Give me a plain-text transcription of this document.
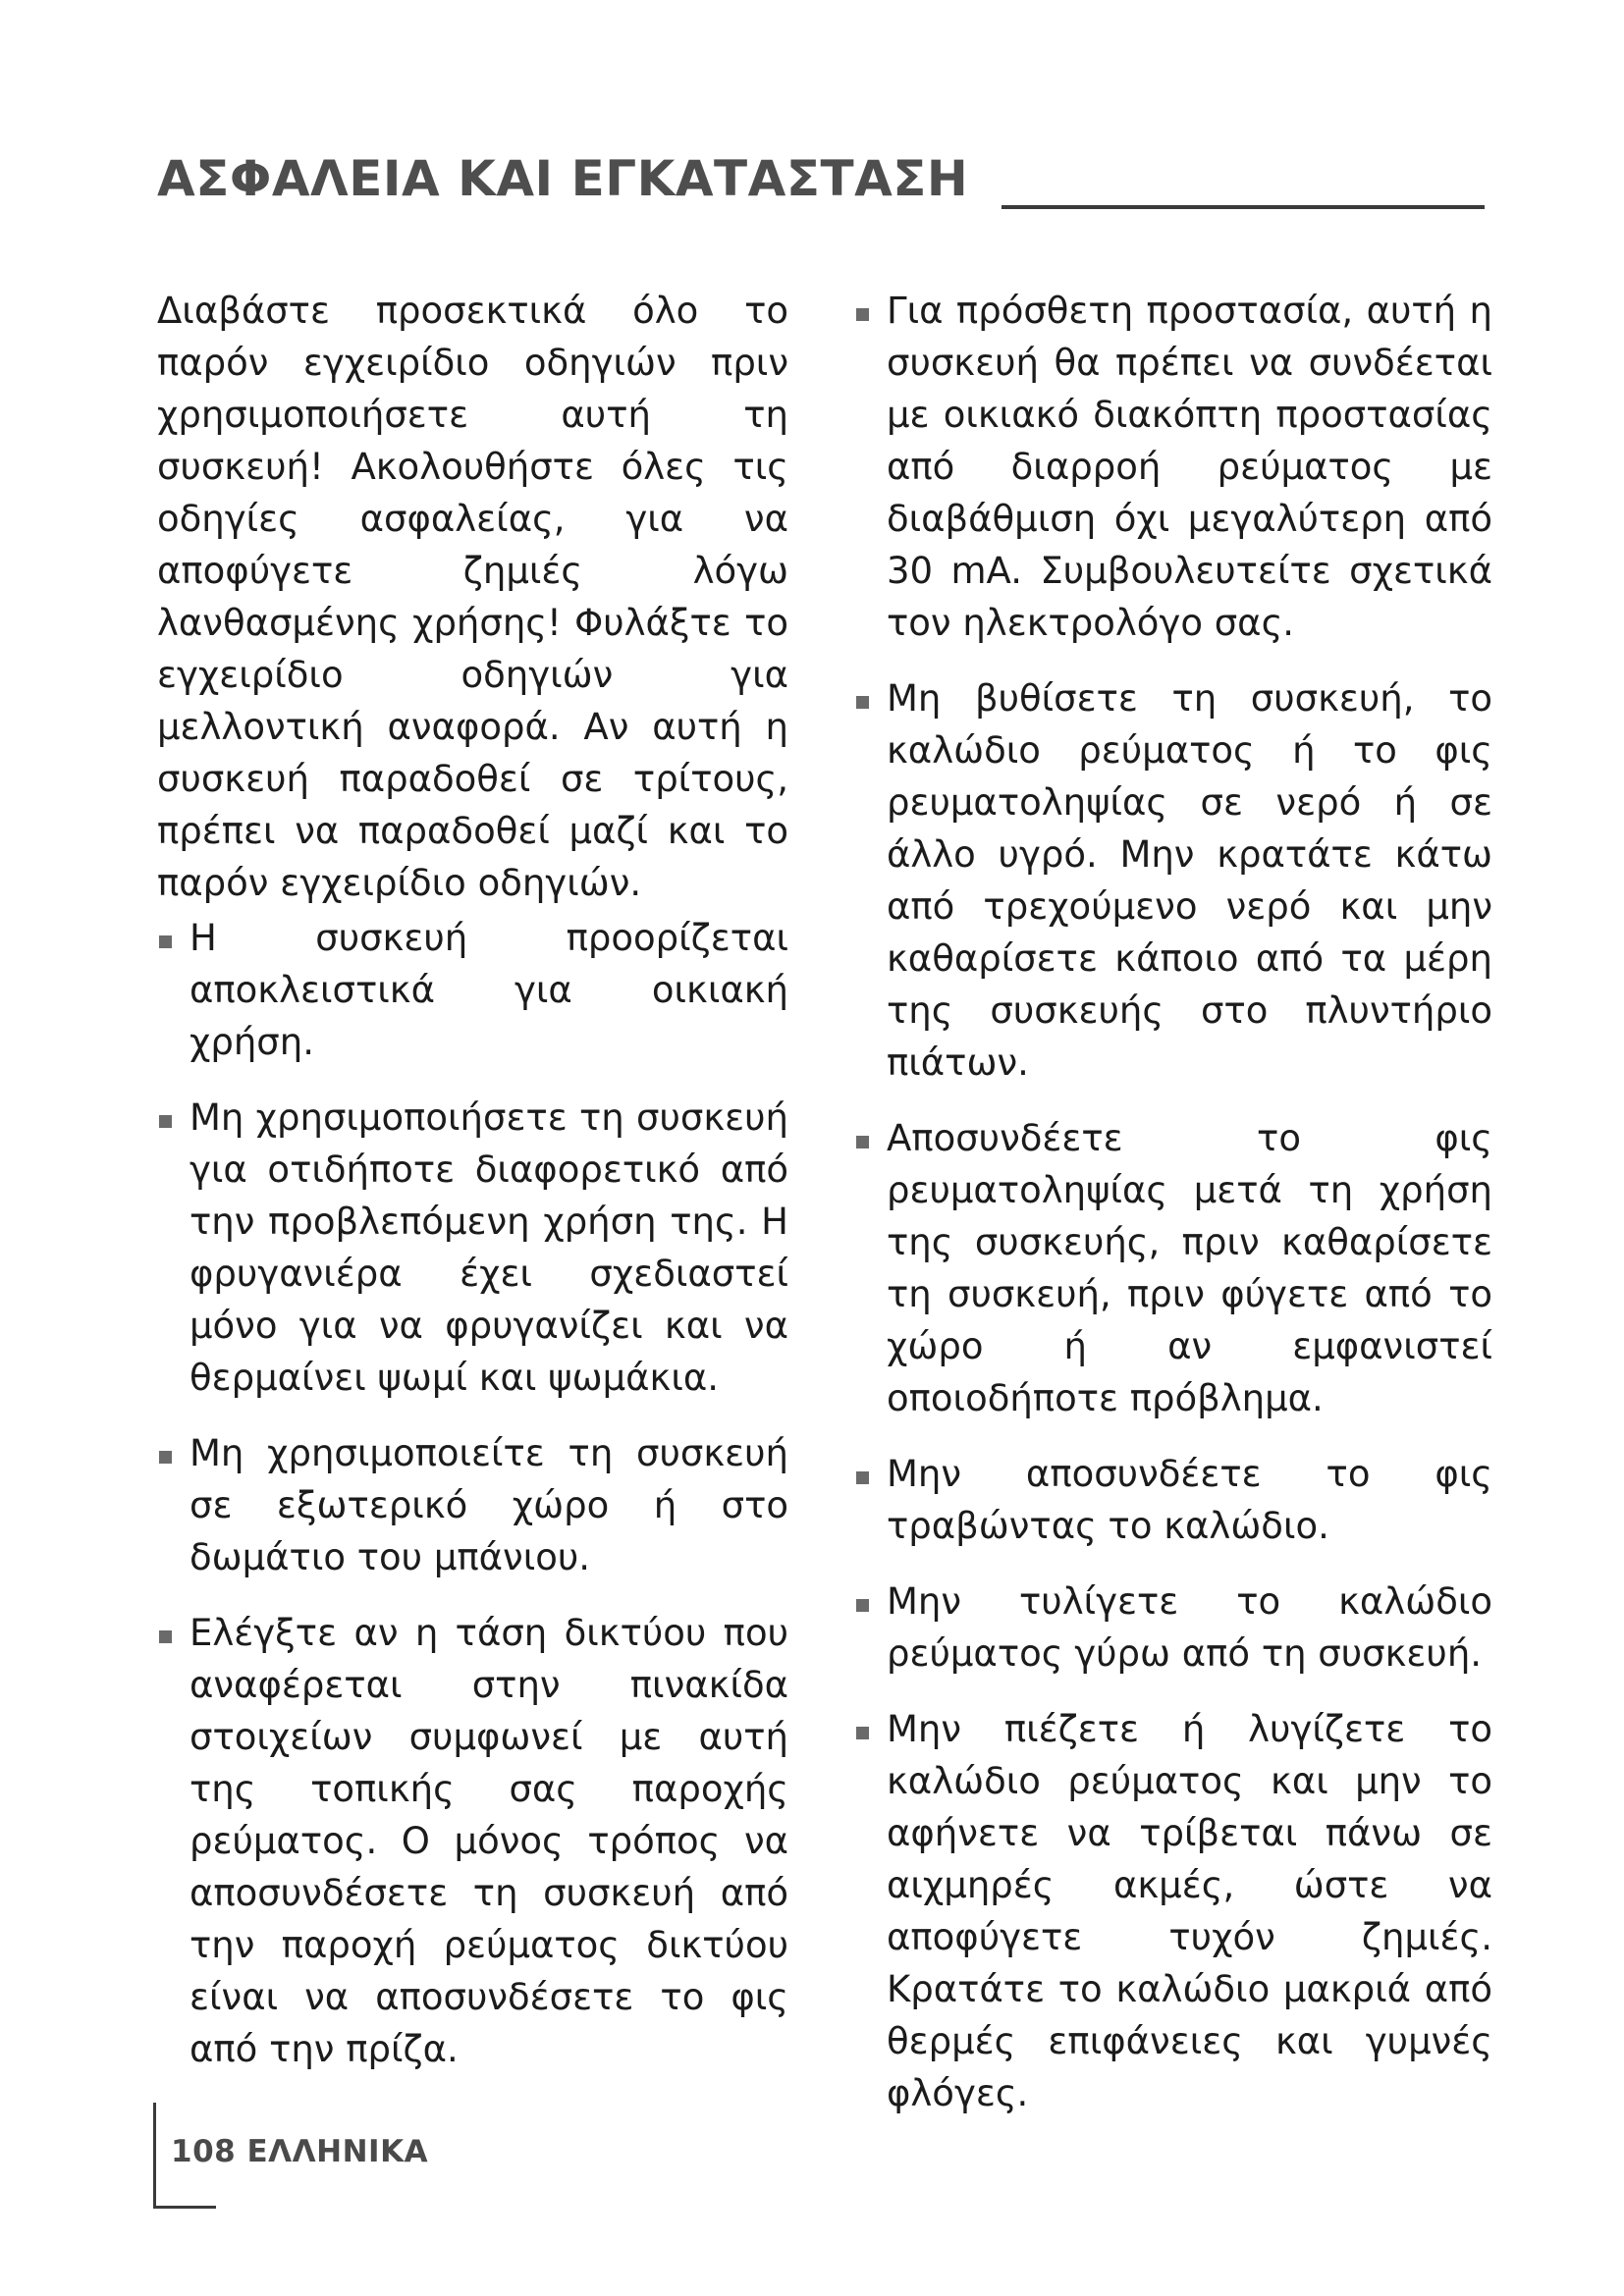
ΑΣΦΑΛΕΙΑ ΚΑΙ ΕΓΚΑΤΑΣΤΑΣΗ

Διαβάστε προσεκτικά όλο το παρόν εγχειρίδιο οδηγιών πριν χρησιμοποιήσετε αυτή τη συσκευή! Ακολουθήστε όλες τις οδηγίες ασφαλείας, για να αποφύγετε ζημιές λόγω λανθασμένης χρήσης! Φυλάξτε το εγχειρίδιο οδηγιών για μελλοντική αναφορά. Αν αυτή η συσκευή παραδοθεί σε τρίτους, πρέπει να παραδοθεί μαζί και το παρόν εγχειρίδιο οδηγιών.

Η συσκευή προορίζεται αποκλειστικά για οικιακή χρήση.
Μη χρησιμοποιήσετε τη συσκευή για οτιδήποτε διαφορετικό από την προβλεπόμενη χρήση της. Η φρυγανιέρα έχει σχεδιαστεί μόνο για να φρυγανίζει και να θερμαίνει ψωμί και ψωμάκια.
Μη χρησιμοποιείτε τη συσκευή σε εξωτερικό χώρο ή στο δωμάτιο του μπάνιου.
Ελέγξτε αν η τάση δικτύου που αναφέρεται στην πινακίδα στοιχείων συμφωνεί με αυτή της τοπικής σας παροχής ρεύματος. Ο μόνος τρόπος να αποσυνδέσετε τη συσκευή από την παροχή ρεύματος δικτύου είναι να αποσυνδέσετε το φις από την πρίζα.
Για πρόσθετη προστασία, αυτή η συσκευή θα πρέπει να συνδέεται με οικιακό διακόπτη προστασίας από διαρροή ρεύματος με διαβάθμιση όχι μεγαλύτερη από 30 mA. Συμβουλευτείτε σχετικά τον ηλεκτρολόγο σας.
Μη βυθίσετε τη συσκευή, το καλώδιο ρεύματος ή το φις ρευματοληψίας σε νερό ή σε άλλο υγρό. Μην κρατάτε κάτω από τρεχούμενο νερό και μην καθαρίσετε κάποιο από τα μέρη της συσκευής στο πλυντήριο πιάτων.
Αποσυνδέετε το φις ρευματοληψίας μετά τη χρήση της συσκευής, πριν καθαρίσετε τη συσκευή, πριν φύγετε από το χώρο ή αν εμφανιστεί οποιοδήποτε πρόβλημα.
Μην αποσυνδέετε το φις τραβώντας το καλώδιο.
Μην τυλίγετε το καλώδιο ρεύματος γύρω από τη συσκευή.
Μην πιέζετε ή λυγίζετε το καλώδιο ρεύματος και μην το αφήνετε να τρίβεται πάνω σε αιχμηρές ακμές, ώστε να αποφύγετε τυχόν ζημιές. Κρατάτε το καλώδιο μακριά από θερμές επιφάνειες και γυμνές φλόγες.
108 ΕΛΛΗΝΙΚΑ
